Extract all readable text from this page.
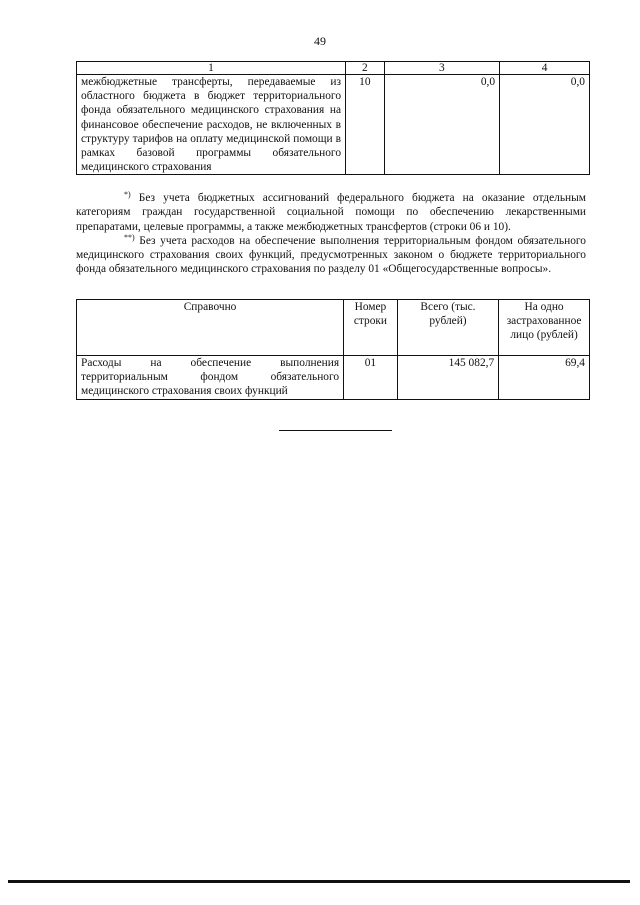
49
1	2	3	4
межбюджетные трансферты, передаваемые из областного бюджета в бюджет территориального фонда обязательного медицинского страхования на финансовое обеспечение расходов, не включенных в структуру тарифов на оплату медицинской помощи в рамках базовой программы обязательного медицинского страхования	10	0,0	0,0

*) Без учета бюджетных ассигнований федерального бюджета на оказание отдельным категориям граждан государственной социальной помощи по обеспечению лекарственными препаратами, целевые программы, а также межбюджетных трансфертов (строки 06 и 10).

**) Без учета расходов на обеспечение выполнения территориальным фондом обязательного медицинского страхования своих функций, предусмотренных законом о бюджете территориального фонда обязательного медицинского страхования по разделу 01 «Общегосударственные вопросы».

Справочно	Номер строки	Всего (тыс. рублей)	На одно застрахованное лицо (рублей)
Расходы на обеспечение выполнения территориальным фондом обязательного медицинского страхования своих функций	01	145 082,7	69,4
